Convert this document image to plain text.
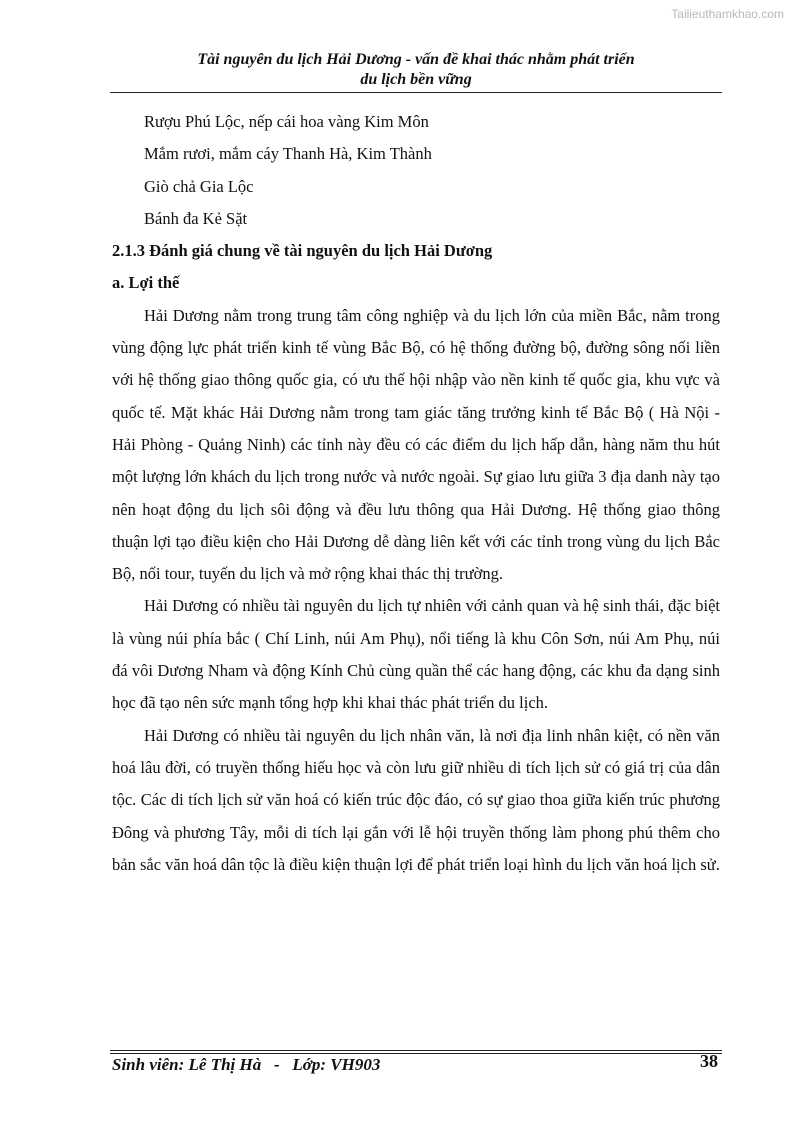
Tailieuthamkhao.com
Tài nguyên du lịch Hải Dương - vấn đề khai thác nhằm phát triển
du lịch bền vững
Rượu Phú Lộc, nếp cái hoa vàng Kim Môn
Mắm rươi, mắm cáy Thanh Hà, Kim Thành
Giò chả Gia Lộc
Bánh đa Kẻ Sặt
2.1.3 Đánh giá chung về tài nguyên du lịch Hải Dương
a. Lợi thế

Hải Dương nằm trong trung tâm công nghiệp và du lịch lớn của miền Bắc, nằm trong vùng động lực phát triển kinh tế vùng Bắc Bộ, có hệ thống đường bộ, đường sông nối liền với hệ thống giao thông quốc gia, có ưu thế hội nhập vào nền kinh tế quốc gia, khu vực và quốc tế. Mặt khác Hải Dương nằm trong tam giác tăng trưởng kinh tế Bắc Bộ ( Hà Nội - Hải Phòng - Quảng Ninh) các tỉnh này đều có các điểm du lịch hấp dẫn, hàng năm thu hút một lượng lớn khách du lịch trong nước và nước ngoài. Sự giao lưu giữa 3 địa danh này tạo nên hoạt động du lịch sôi động và đều lưu thông qua Hải Dương. Hệ thống giao thông thuận lợi tạo điều kiện cho Hải Dương dễ dàng liên kết với các tỉnh trong vùng du lịch Bắc Bộ, nối tour, tuyến du lịch và mở rộng khai thác thị trường.

Hải Dương có nhiều tài nguyên du lịch tự nhiên với cảnh quan và hệ sinh thái, đặc biệt là vùng núi phía bắc ( Chí Linh, núi Am Phụ), nổi tiếng là khu Côn Sơn, núi Am Phụ, núi đá vôi Dương Nham và động Kính Chủ cùng quần thể các hang động, các khu đa dạng sinh học đã tạo nên sức mạnh tổng hợp khi khai thác phát triển du lịch.

Hải Dương có nhiều tài nguyên du lịch nhân văn, là nơi địa linh nhân kiệt, có nền văn hoá lâu đời, có truyền thống hiếu học và còn lưu giữ nhiều di tích lịch sử có giá trị của dân tộc. Các di tích lịch sử văn hoá có kiến trúc độc đáo, có sự giao thoa giữa kiến trúc phương Đông và phương Tây, mỗi di tích lại gắn với lễ hội truyền thống làm phong phú thêm cho bản sắc văn hoá dân tộc là điều kiện thuận lợi để phát triển loại hình du lịch văn hoá lịch sử.

Sinh viên: Lê Thị Hà   -   Lớp: VH903	38
